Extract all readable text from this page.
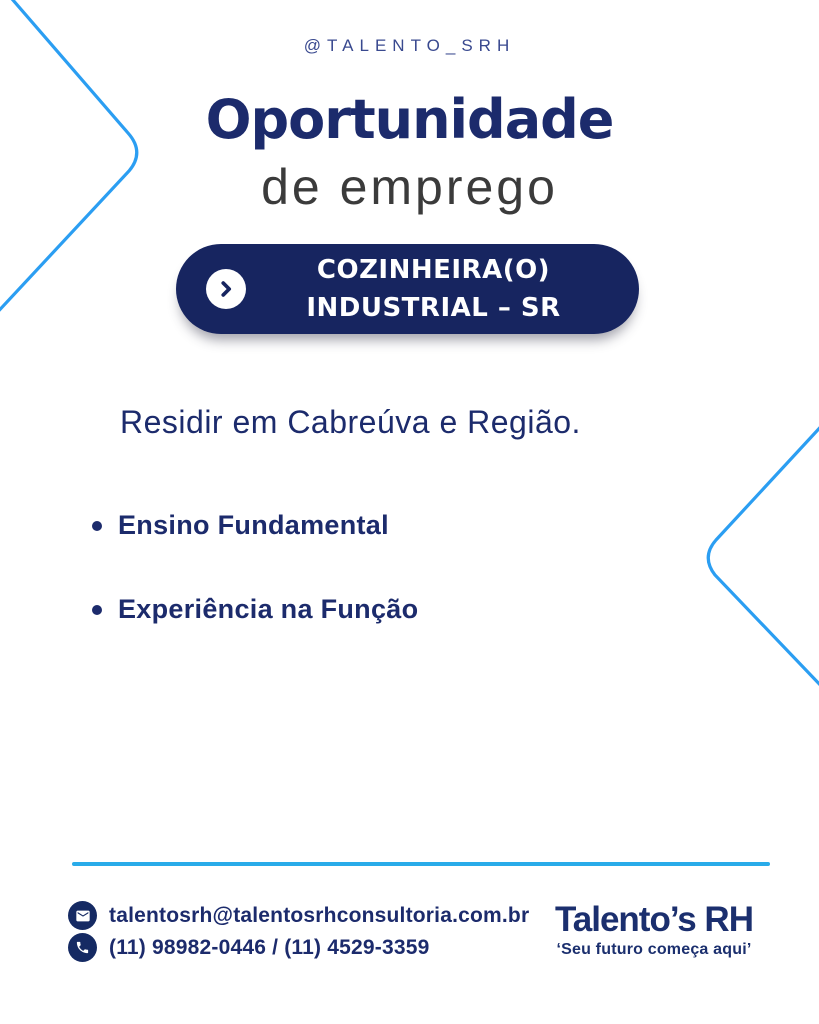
@TALENTO_SRH
Oportunidade
de emprego
COZINHEIRA(O)
INDUSTRIAL – SR
Residir em Cabreúva e Região.
Ensino Fundamental
Experiência na Função
talentosrh@talentosrhconsultoria.com.br
(11) 98982-0446 / (11) 4529-3359
Talento’s RH
‘Seu futuro começa aqui’
